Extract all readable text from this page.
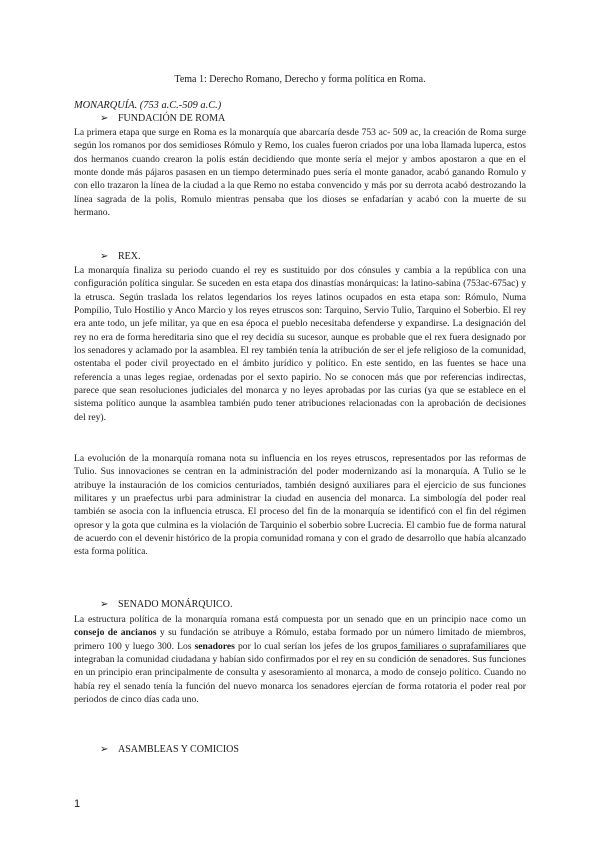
Tema 1: Derecho Romano, Derecho y forma política en Roma.
MONARQUÍA. (753 a.C.-509 a.C.)
➢ FUNDACIÓN DE ROMA

La primera etapa que surge en Roma es la monarquía que abarcaría desde 753 ac- 509 ac, la creación de Roma surge según los romanos por dos semidioses Rómulo y Remo, los cuales fueron criados por una loba llamada luperca, estos dos hermanos cuando crearon la polis están decidiendo que monte sería el mejor y ambos apostaron a que en el monte donde más pájaros pasasen en un tiempo determinado pues sería el monte ganador, acabó ganando Romulo y con ello trazaron la línea de la ciudad a la que Remo no estaba convencido y más por su derrota acabó destrozando la línea sagrada de la polis, Romulo mientras pensaba que los dioses se enfadarían y acabó con la muerte de su hermano.

➢ REX.

La monarquía finaliza su periodo cuando el rey es sustituido por dos cónsules y cambia a la república con una configuración política singular. Se suceden en esta etapa dos dinastías monárquicas: la latino-sabina (753ac-675ac) y la etrusca. Según traslada los relatos legendarios los reyes latinos ocupados en esta etapa son: Rómulo, Numa Pompilio, Tulo Hostilio y Anco Marcio y los reyes etruscos son: Tarquino, Servio Tulio, Tarquino el Soberbio. El rey era ante todo, un jefe militar, ya que en esa época el pueblo necesitaba defenderse y expandirse. La designación del rey no era de forma hereditaria sino que el rey decidía su sucesor, aunque es probable que el rex fuera designado por los senadores y aclamado por la asamblea. El rey también tenía la atribución de ser el jefe religioso de la comunidad, ostentaba el poder civil proyectado en el ámbito jurídico y político. En este sentido, en las fuentes se hace una referencia a unas leges regiae, ordenadas por el sexto papirio. No se conocen más que por referencias indirectas, parece que sean resoluciones judiciales del monarca y no leyes aprobadas por las curias (ya que se establece en el sistema político aunque la asamblea también pudo tener atribuciones relacionadas con la aprobación de decisiones del rey).

La evolución de la monarquía romana nota su influencia en los reyes etruscos, representados por las reformas de Tulio. Sus innovaciones se centran en la administración del poder modernizando así la monarquía. A Tulio se le atribuye la instauración de los comicios centuriados, también designó auxiliares para el ejercicio de sus funciones militares y un praefectus urbi para administrar la ciudad en ausencia del monarca. La simbología del poder real también se asocia con la influencia etrusca. El proceso del fin de la monarquía se identificó con el fin del régimen opresor y la gota que culmina es la violación de Tarquinio el soberbio sobre Lucrecia. El cambio fue de forma natural de acuerdo con el devenir histórico de la propia comunidad romana y con el grado de desarrollo que había alcanzado esta forma política.

➢ SENADO MONÁRQUICO.

La estructura política de la monarquía romana está compuesta por un senado que en un principio nace como un consejo de ancianos y su fundación se atribuye a Rómulo, estaba formado por un número limitado de miembros, primero 100 y luego 300. Los senadores por lo cual serían los jefes de los grupos familiares o suprafamiliares que integraban la comunidad ciudadana y habían sido confirmados por el rey en su condición de senadores. Sus funciones en un principio eran principalmente de consulta y asesoramiento al monarca, a modo de consejo político. Cuando no había rey el senado tenía la función del nuevo monarca los senadores ejercían de forma rotatoria el poder real por periodos de cinco días cada uno.

➢ ASAMBLEAS Y COMICIOS
1
